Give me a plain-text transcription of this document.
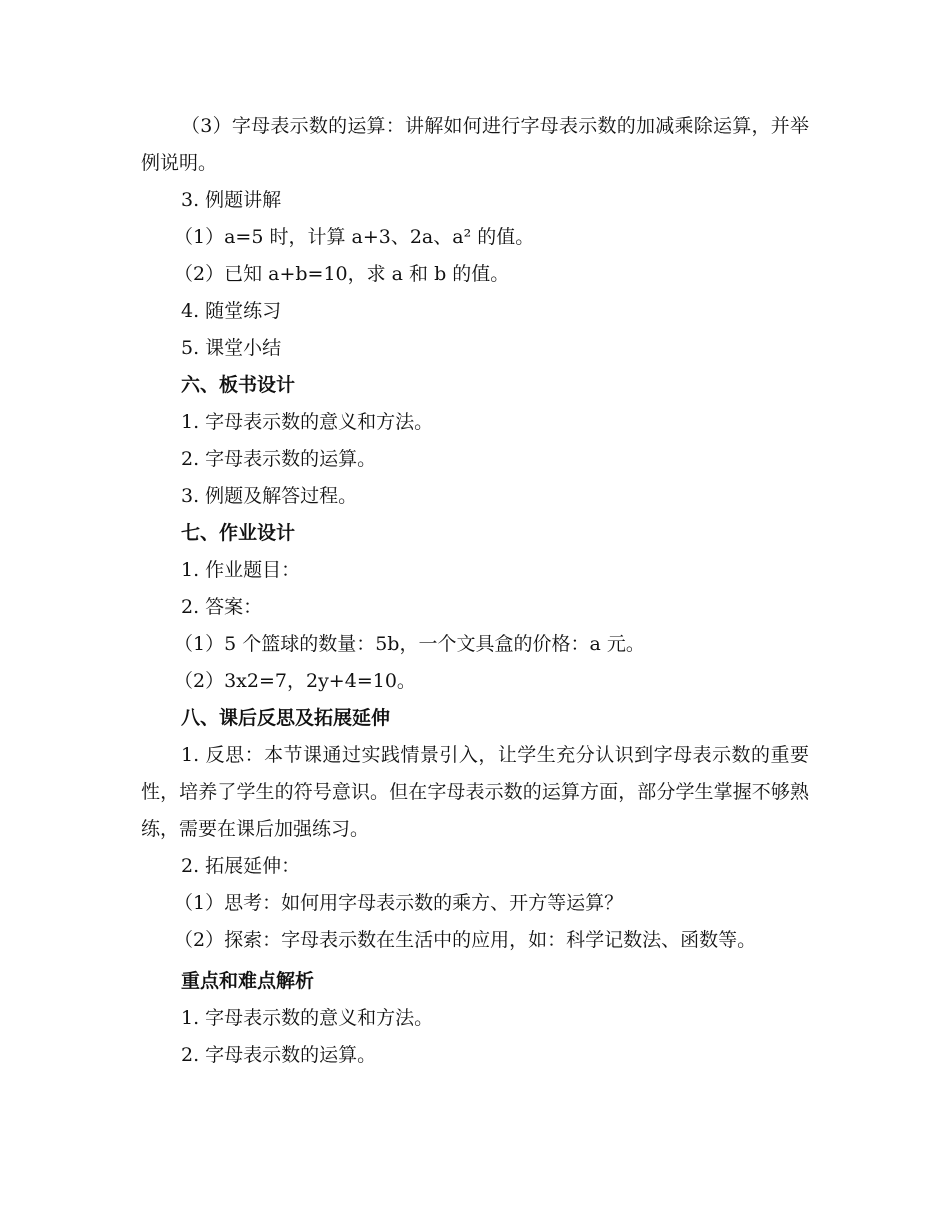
（3）字母表示数的运算：讲解如何进行字母表示数的加减乘除运算，并举例说明。
3. 例题讲解
（1）a=5 时，计算 a+3、2a、a² 的值。
（2）已知 a+b=10，求 a 和 b 的值。
4. 随堂练习
5. 课堂小结
六、板书设计
1. 字母表示数的意义和方法。
2. 字母表示数的运算。
3. 例题及解答过程。
七、作业设计
1. 作业题目：
2. 答案：
（1）5 个篮球的数量：5b，一个文具盒的价格：a 元。
（2）3x2=7，2y+4=10。
八、课后反思及拓展延伸
1. 反思：本节课通过实践情景引入，让学生充分认识到字母表示数的重要性，培养了学生的符号意识。但在字母表示数的运算方面，部分学生掌握不够熟练，需要在课后加强练习。
2. 拓展延伸：
（1）思考：如何用字母表示数的乘方、开方等运算？
（2）探索：字母表示数在生活中的应用，如：科学记数法、函数等。
重点和难点解析
1. 字母表示数的意义和方法。
2. 字母表示数的运算。
